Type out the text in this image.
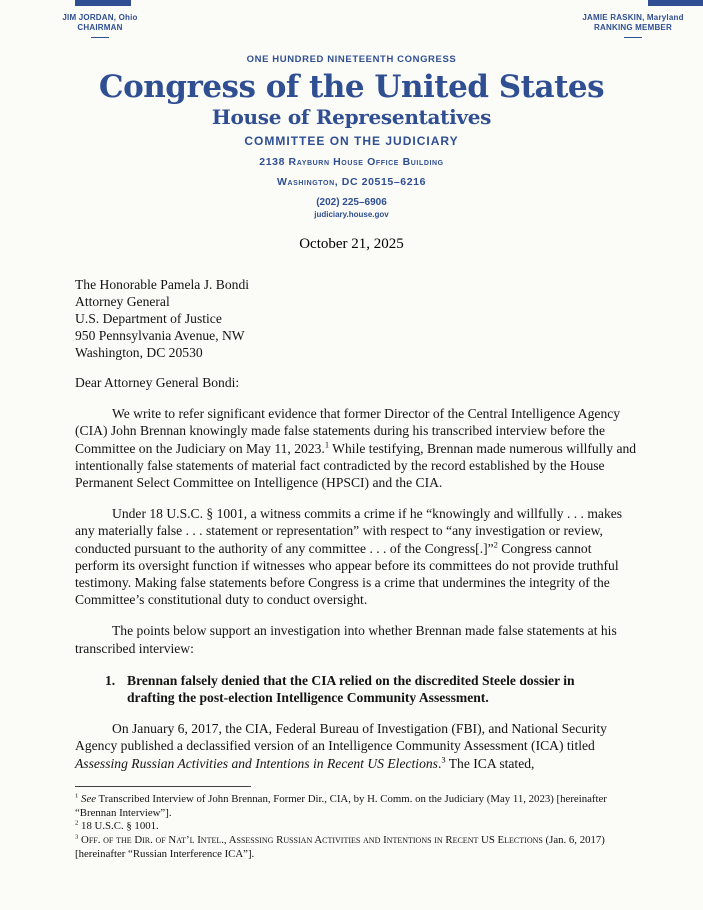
JIM JORDAN, Ohio
CHAIRMAN
JAMIE RASKIN, Maryland
RANKING MEMBER
ONE HUNDRED NINETEENTH CONGRESS
Congress of the United States
House of Representatives
COMMITTEE ON THE JUDICIARY
2138 Rayburn House Office Building
Washington, DC 20515–6216
(202) 225–6906
judiciary.house.gov
October 21, 2025
The Honorable Pamela J. Bondi
Attorney General
U.S. Department of Justice
950 Pennsylvania Avenue, NW
Washington, DC 20530
Dear Attorney General Bondi:

We write to refer significant evidence that former Director of the Central Intelligence Agency (CIA) John Brennan knowingly made false statements during his transcribed interview before the Committee on the Judiciary on May 11, 2023.$^1$ While testifying, Brennan made numerous willfully and intentionally false statements of material fact contradicted by the record established by the House Permanent Select Committee on Intelligence (HPSCI) and the CIA.

Under 18 U.S.C. § 1001, a witness commits a crime if he “knowingly and willfully . . . makes any materially false . . . statement or representation” with respect to “any investigation or review, conducted pursuant to the authority of any committee . . . of the Congress[.]”$^2$ Congress cannot perform its oversight function if witnesses who appear before its committees do not provide truthful testimony. Making false statements before Congress is a crime that undermines the integrity of the Committee’s constitutional duty to conduct oversight.

The points below support an investigation into whether Brennan made false statements at his transcribed interview:

1. Brennan falsely denied that the CIA relied on the discredited Steele dossier in drafting the post-election Intelligence Community Assessment.

On January 6, 2017, the CIA, Federal Bureau of Investigation (FBI), and National Security Agency published a declassified version of an Intelligence Community Assessment (ICA) titled Assessing Russian Activities and Intentions in Recent US Elections.$^3$ The ICA stated,

$^1$ See Transcribed Interview of John Brennan, Former Dir., CIA, by H. Comm. on the Judiciary (May 11, 2023) [hereinafter “Brennan Interview”].

$^2$ 18 U.S.C. § 1001.

$^3$ Off. of the Dir. of Nat’l Intel., Assessing Russian Activities and Intentions in Recent US Elections (Jan. 6, 2017) [hereinafter “Russian Interference ICA”].
